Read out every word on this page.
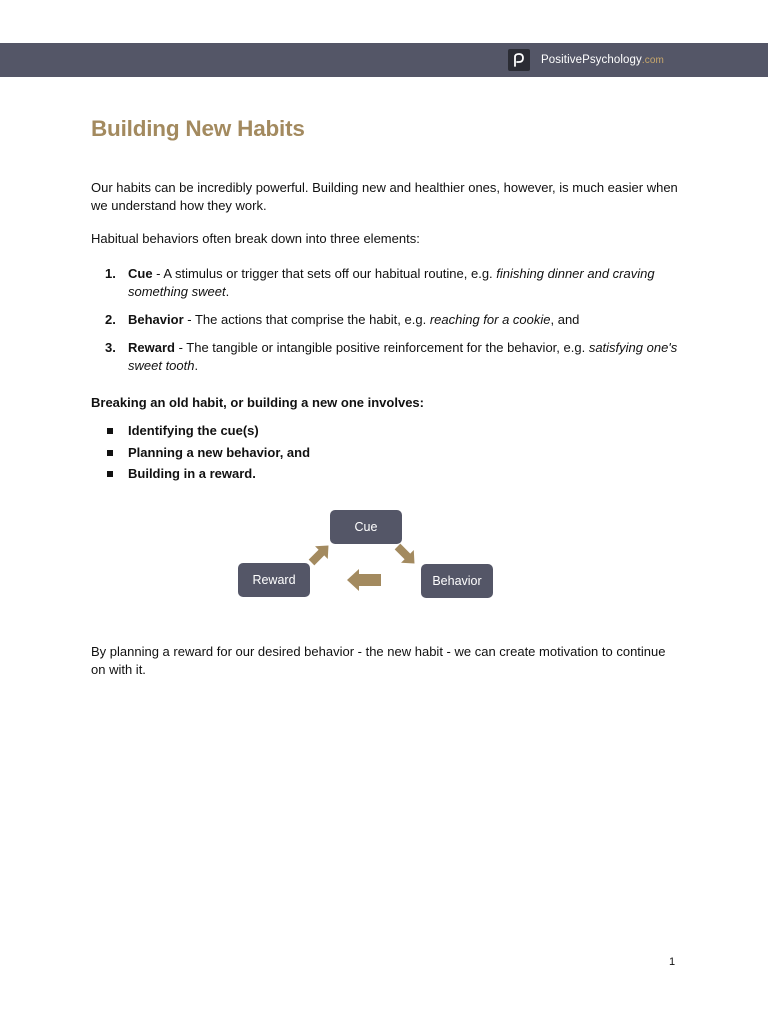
PositivePsychology.com
Building New Habits

Our habits can be incredibly powerful. Building new and healthier ones, however, is much easier when we understand how they work.

Habitual behaviors often break down into three elements:

1. Cue - A stimulus or trigger that sets off our habitual routine, e.g. finishing dinner and craving something sweet.
2. Behavior - The actions that comprise the habit, e.g. reaching for a cookie, and
3. Reward - The tangible or intangible positive reinforcement for the behavior, e.g. satisfying one's sweet tooth.

Breaking an old habit, or building a new one involves:

Identifying the cue(s)
Planning a new behavior, and
Building in a reward.

By planning a reward for our desired behavior - the new habit - we can create motivation to continue on with it.

Cue
Behavior
Reward
1
